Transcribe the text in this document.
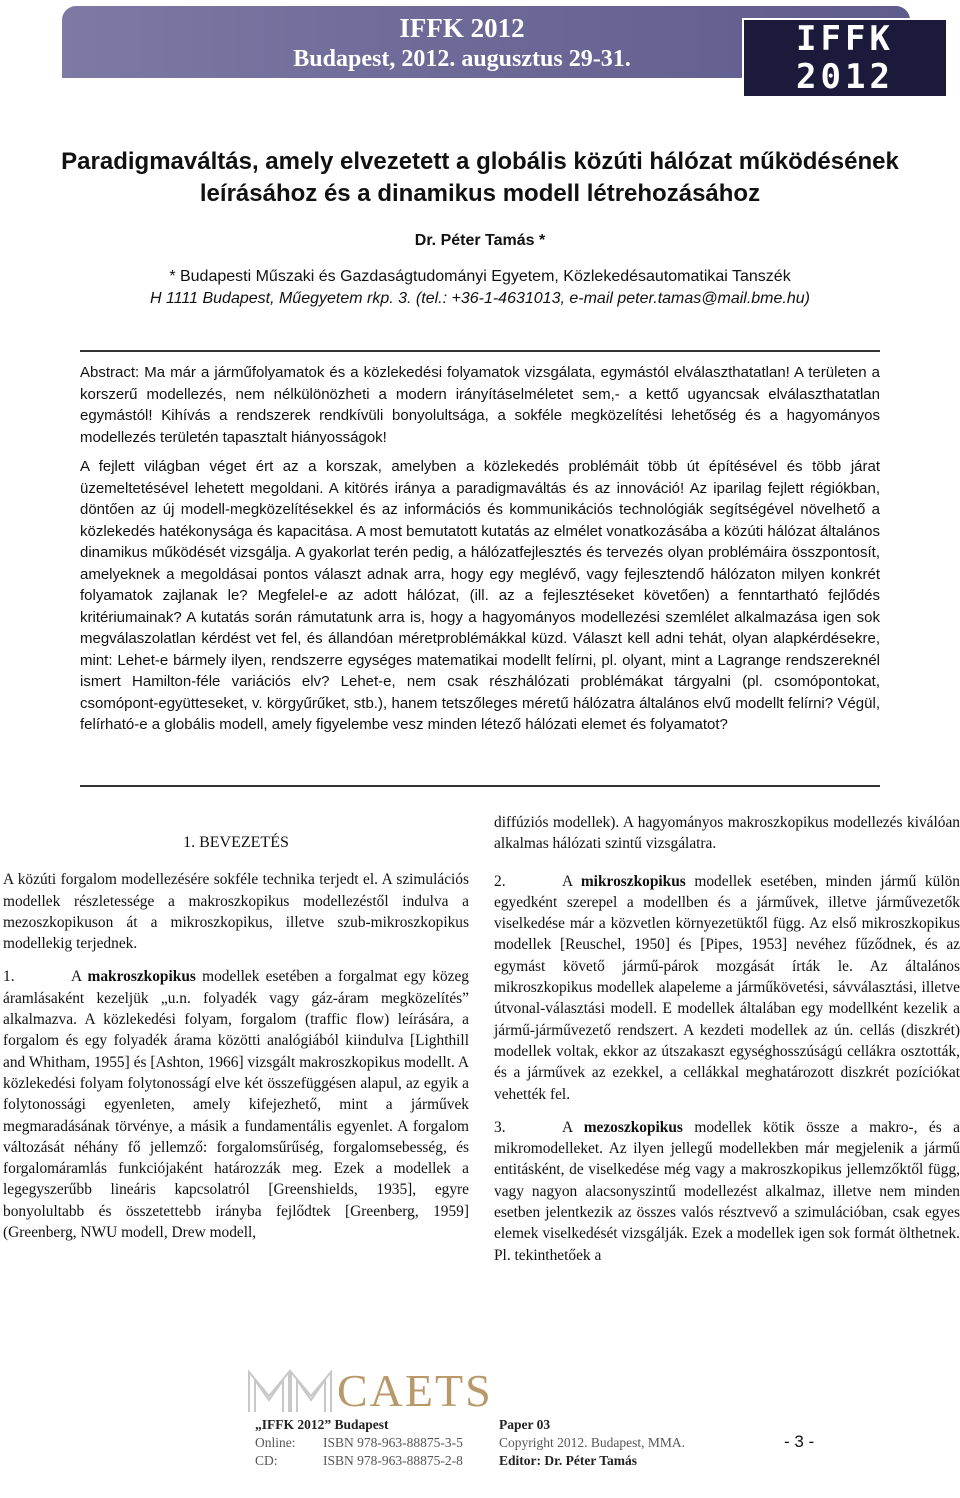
IFFK 2012
Budapest, 2012. augusztus 29-31.	IFFK 2012
Innováció és fenntartható felszíni közlekedés
Paradigmaváltás, amely elvezetett a globális közúti hálózat működésének
leírásához és a dinamikus modell létrehozásához
Dr. Péter Tamás *
* Budapesti Műszaki és Gazdaságtudományi Egyetem, Közlekedésautomatikai Tanszék
H 1111 Budapest, Műegyetem rkp. 3. (tel.: +36-1-4631013, e-mail peter.tamas@mail.bme.hu)

Abstract: Ma már a járműfolyamatok és a közlekedési folyamatok vizsgálata, egymástól elválaszthatatlan! A területen a korszerű modellezés, nem nélkülönözheti a modern irányításelméletet sem,- a kettő ugyancsak elválaszthatatlan egymástól! Kihívás a rendszerek rendkívüli bonyolultsága, a sokféle megközelítési lehetőség és a hagyományos modellezés területén tapasztalt hiányosságok!

A fejlett világban véget ért az a korszak, amelyben a közlekedés problémáit több út építésével és több járat üzemeltetésével lehetett megoldani. A kitörés iránya a paradigmaváltás és az innováció! Az iparilag fejlett régiókban, döntően az új modell-megközelítésekkel és az információs és kommunikációs technológiák segítségével növelhető a közlekedés hatékonysága és kapacitása. A most bemutatott kutatás az elmélet vonatkozásába a közúti hálózat általános dinamikus működését vizsgálja. A gyakorlat terén pedig, a hálózatfejlesztés és tervezés olyan problémáira összpontosít, amelyeknek a megoldásai pontos választ adnak arra, hogy egy meglévő, vagy fejlesztendő hálózaton milyen konkrét folyamatok zajlanak le? Megfelel-e az adott hálózat, (ill. az a fejlesztéseket követően) a fenntartható fejlődés kritériumainak? A kutatás során rámutatunk arra is, hogy a hagyományos modellezési szemlélet alkalmazása igen sok megválaszolatlan kérdést vet fel, és állandóan méretproblémákkal küzd. Választ kell adni tehát, olyan alapkérdésekre, mint: Lehet-e bármely ilyen, rendszerre egységes matematikai modellt felírni, pl. olyant, mint a Lagrange rendszereknél ismert Hamilton-féle variációs elv? Lehet-e, nem csak részhálózati problémákat tárgyalni (pl. csomópontokat, csomópont-együtteseket, v. körgyűrűket, stb.), hanem tetszőleges méretű hálózatra általános elvű modellt felírni? Végül, felírható-e a globális modell, amely figyelembe vesz minden létező hálózati elemet és folyamatot?

1. BEVEZETÉS

A közúti forgalom modellezésére sokféle technika terjedt el. A szimulációs modellek részletessége a makroszkopikus modellezéstől indulva a mezoszkopikuson át a mikroszkopikus, illetve szub-mikroszkopikus modellekig terjednek.

1.	A makroszkopikus modellek esetében a forgalmat egy közeg áramlásaként kezeljük „u.n. folyadék vagy gáz-áram megközelítés” alkalmazva. A közlekedési folyam, forgalom (traffic flow) leírására, a forgalom és egy folyadék árama közötti analógiából kiindulva [Lighthill and Whitham, 1955] és [Ashton, 1966] vizsgált makroszkopikus modellt. A közlekedési folyam folytonosságí elve két összefüggésen alapul, az egyik a folytonossági egyenleten, amely kifejezhető, mint a járművek megmaradásának törvénye, a másik a fundamentális egyenlet. A forgalom változását néhány fő jellemző: forgalomsűrűség, forgalomsebesség, és forgalomáramlás funkciójaként határozzák meg. Ezek a modellek a legegyszerűbb lineáris kapcsolatról [Greenshields, 1935], egyre bonyolultabb és összetettebb irányba fejlődtek [Greenberg, 1959] (Greenberg, NWU modell, Drew modell,

diffúziós modellek). A hagyományos makroszkopikus modellezés kiválóan alkalmas hálózati szintű vizsgálatra.

2.	A mikroszkopikus modellek esetében, minden jármű külön egyedként szerepel a modellben és a járművek, illetve járművezetők viselkedése már a közvetlen környezetüktől függ. Az első mikroszkopikus modellek [Reuschel, 1950] és [Pipes, 1953] nevéhez fűződnek, és az egymást követő jármű-párok mozgását írták le. Az általános mikroszkopikus modellek alapeleme a járműkövetési, sávválasztási, illetve útvonal-választási modell. E modellek általában egy modellként kezelik a jármű-járművezető rendszert. A kezdeti modellek az ún. cellás (diszkrét) modellek voltak, ekkor az útszakaszt egységhosszúságú cellákra osztották, és a járművek az ezekkel, a cellákkal meghatározott diszkrét pozíciókat vehették fel.

3.	A mezoszkopikus modellek kötik össze a makro-, és a mikromodelleket. Az ilyen jellegű modellekben már megjelenik a jármű entitásként, de viselkedése még vagy a makroszkopikus jellemzőktől függ, vagy nagyon alacsonyszintű modellezést alkalmaz, illetve nem minden esetben jelentkezik az összes valós résztvevő a szimulációban, csak egyes elemek viselkedését vizsgálják. Ezek a modellek igen sok formát ölthetnek. Pl. tekinthetőek a

CAETS
„IFFK 2012” Budapest	Paper 03
Online:	ISBN 978-963-88875-3-5	Copyright 2012. Budapest, MMA.
CD:	ISBN 978-963-88875-2-8	Editor: Dr. Péter Tamás
- 3 -
